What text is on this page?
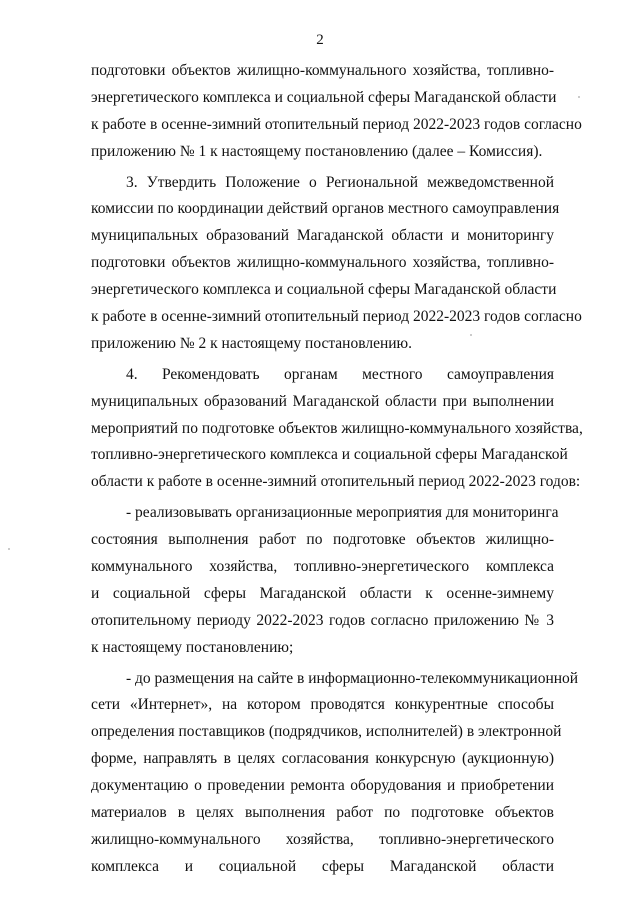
2
подготовки объектов жилищно-коммунального хозяйства, топливно-
энергетического комплекса и социальной сферы Магаданской области
к работе в осенне-зимний отопительный период 2022-2023 годов согласно
приложению № 1 к настоящему постановлению (далее – Комиссия).
3. Утвердить Положение о Региональной межведомственной
комиссии по координации действий органов местного самоуправления
муниципальных образований Магаданской области и мониторингу
подготовки объектов жилищно-коммунального хозяйства, топливно-
энергетического комплекса и социальной сферы Магаданской области
к работе в осенне-зимний отопительный период 2022-2023 годов согласно
приложению № 2 к настоящему постановлению.
4. Рекомендовать органам местного самоуправления
муниципальных образований Магаданской области при выполнении
мероприятий по подготовке объектов жилищно-коммунального хозяйства,
топливно-энергетического комплекса и социальной сферы Магаданской
области к работе в осенне-зимний отопительный период 2022-2023 годов:
- реализовывать организационные мероприятия для мониторинга
состояния выполнения работ по подготовке объектов жилищно-
коммунального хозяйства, топливно-энергетического комплекса
и социальной сферы Магаданской области к осенне-зимнему
отопительному периоду 2022-2023 годов согласно приложению № 3
к настоящему постановлению;
- до размещения на сайте в информационно-телекоммуникационной
сети «Интернет», на котором проводятся конкурентные способы
определения поставщиков (подрядчиков, исполнителей) в электронной
форме, направлять в целях согласования конкурсную (аукционную)
документацию о проведении ремонта оборудования и приобретении
материалов в целях выполнения работ по подготовке объектов
жилищно-коммунального хозяйства, топливно-энергетического
комплекса и социальной сферы Магаданской области
